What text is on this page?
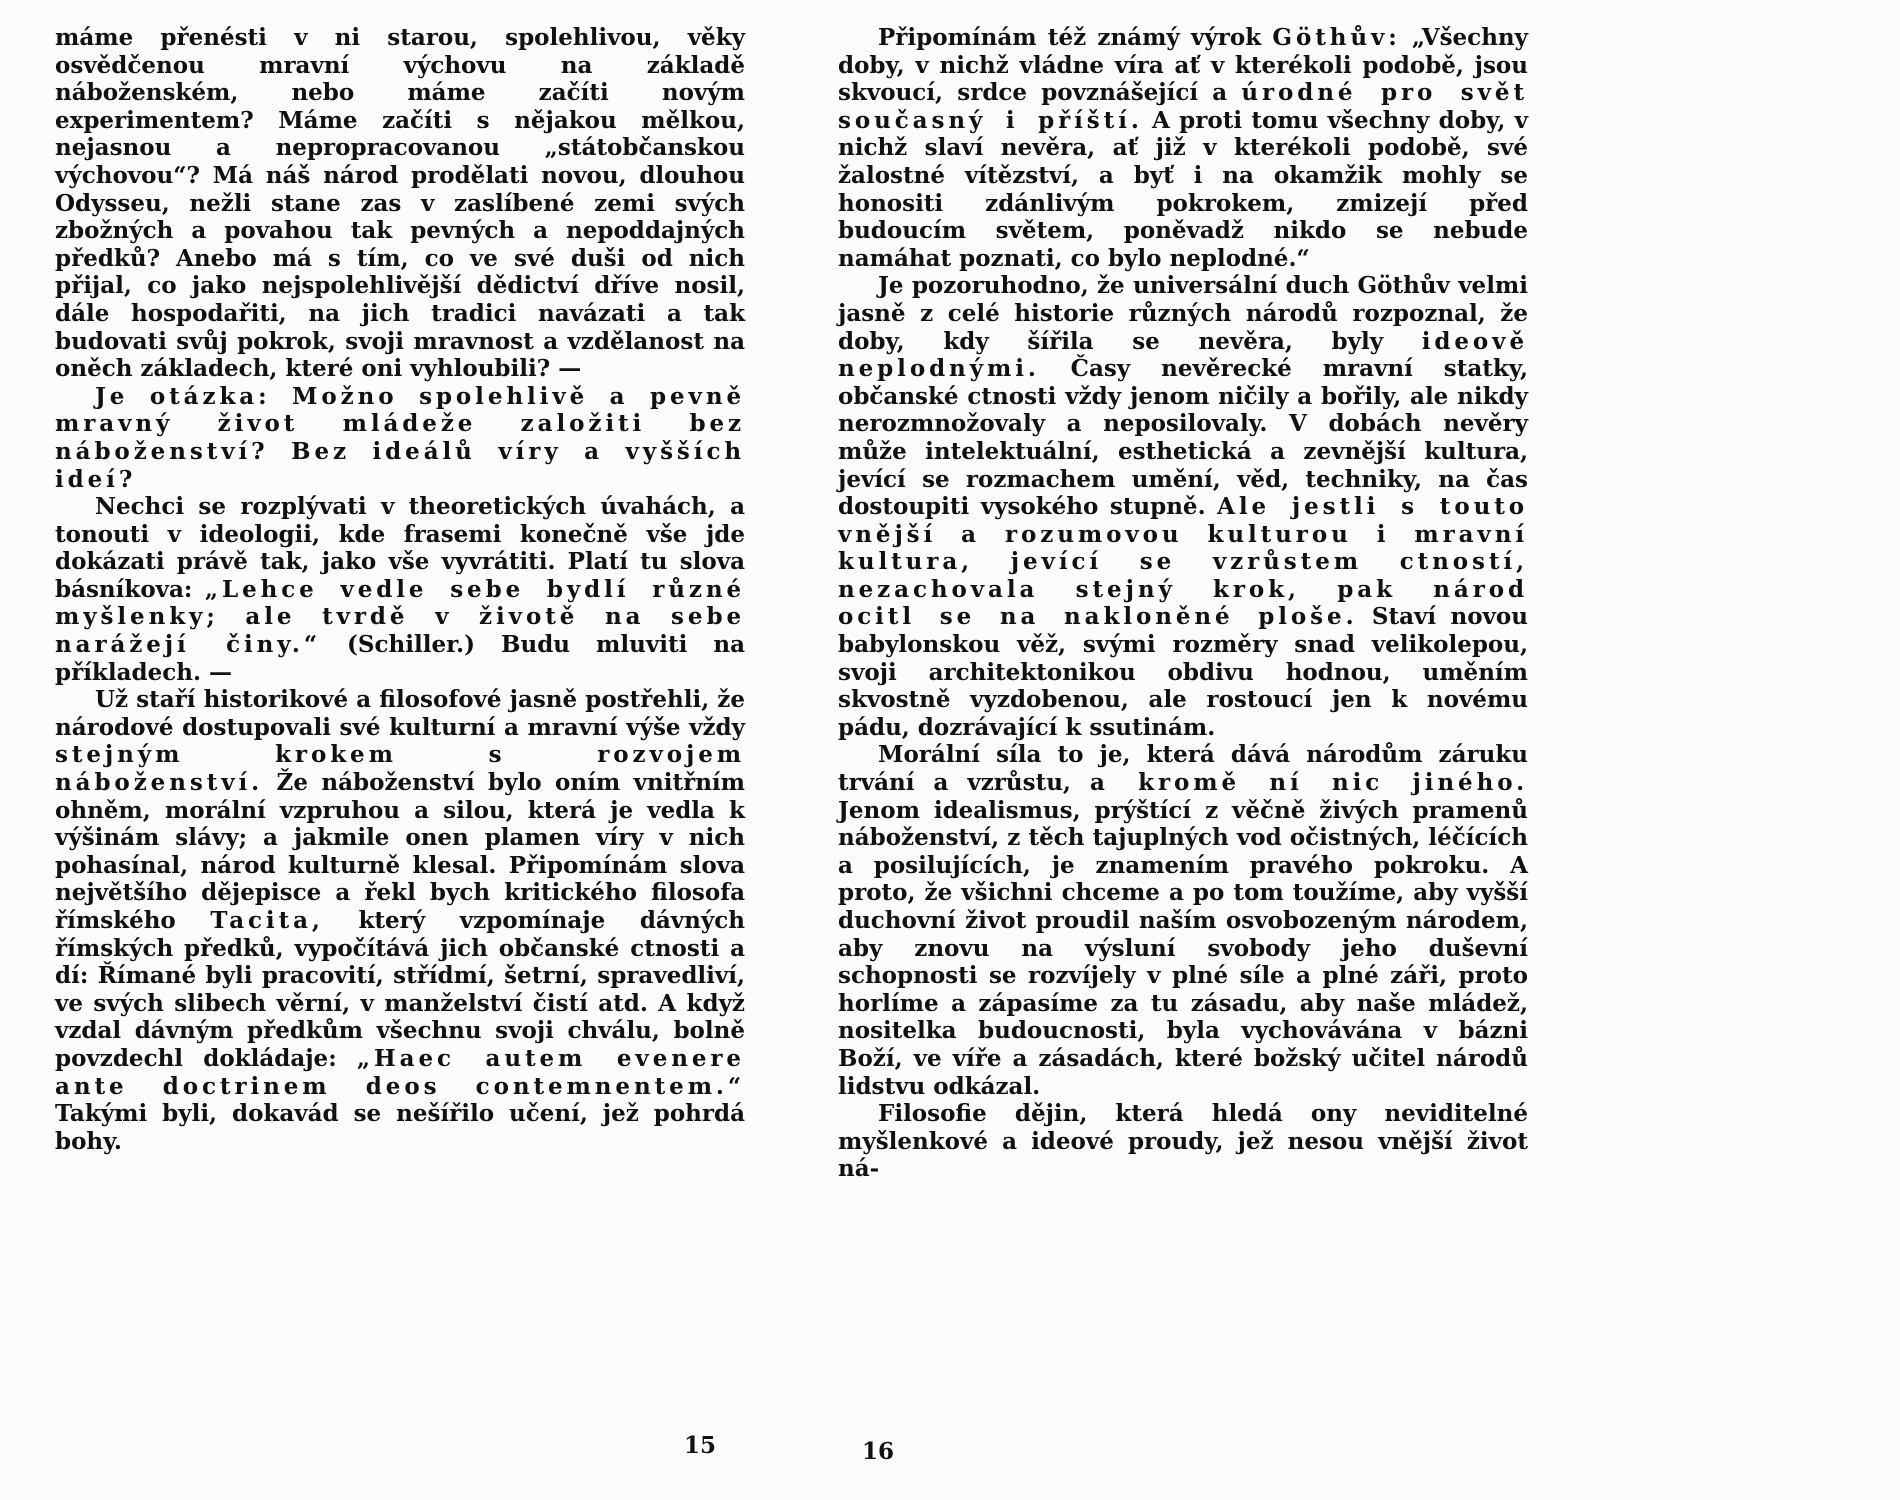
máme přenésti v ni starou, spolehlivou, věky osvědčenou mravní výchovu na základě náboženském, nebo máme začíti novým experimentem? Máme začíti s nějakou mělkou, nejasnou a nepropracovanou „státobčanskou výchovou“? Má náš národ prodělati novou, dlouhou Odysseu, nežli stane zas v zaslíbené zemi svých zbožných a povahou tak pevných a nepoddajných předků? Anebo má s tím, co ve své duši od nich přijal, co jako nejspolehlivější dědictví dříve nosil, dále hospodařiti, na jich tradici navázati a tak budovati svůj pokrok, svoji mravnost a vzdělanost na oněch základech, které oni vyhloubili? —

Je otázka: Možno spolehlivě a pevně mravný život mládeže založiti bez náboženství? Bez ideálů víry a vyšších ideí?

Nechci se rozplývati v theoretických úvahách, a tonouti v ideologii, kde frasemi konečně vše jde dokázati právě tak, jako vše vyvrátiti. Platí tu slova básníkova: „Lehce vedle sebe bydlí různé myšlenky; ale tvrdě v životě na sebe narážejí činy.“ (Schiller.) Budu mluviti na příkladech. —

Už staří historikové a filosofové jasně postřehli, že národové dostupovali své kulturní a mravní výše vždy stejným krokem s rozvojem náboženství. Že náboženství bylo oním vnitřním ohněm, morální vzpruhou a silou, která je vedla k výšinám slávy; a jakmile onen plamen víry v nich pohasínal, národ kulturně klesal. Připomínám slova největšího dějepisce a řekl bych kritického filosofa římského Tacita, který vzpomínaje dávných římských předků, vypočítává jich občanské ctnosti a dí: Římané byli pracovití, střídmí, šetrní, spravedliví, ve svých slibech věrní, v manželství čistí atd. A když vzdal dávným předkům všechnu svoji chválu, bolně povzdechl dokládaje: „Haec autem evenere ante doctrinem deos contemnentem.“ Takými byli, dokavád se nešířilo učení, jež pohrdá bohy.

Připomínám též známý výrok Göthův: „Všechny doby, v nichž vládne víra ať v kterékoli podobě, jsou skvoucí, srdce povznášející a úrodné pro svět současný i příští. A proti tomu všechny doby, v nichž slaví nevěra, ať již v kterékoli podobě, své žalostné vítězství, a byť i na okamžik mohly se honositi zdánlivým pokrokem, zmizejí před budoucím světem, poněvadž nikdo se nebude namáhat poznati, co bylo neplodné.“

Je pozoruhodno, že universální duch Göthův velmi jasně z celé historie různých národů rozpoznal, že doby, kdy šířila se nevěra, byly ideově neplodnými. Časy nevěrecké mravní statky, občanské ctnosti vždy jenom ničily a bořily, ale nikdy nerozmnožovaly a neposilovaly. V dobách nevěry může intelektuální, esthetická a zevnější kultura, jevící se rozmachem umění, věd, techniky, na čas dostoupiti vysokého stupně. Ale jestli s touto vnější a rozumovou kulturou i mravní kultura, jevící se vzrůstem ctností, nezachovala stejný krok, pak národ ocitl se na nakloněné ploše. Staví novou babylonskou věž, svými rozměry snad velikolepou, svoji architektonikou obdivu hodnou, uměním skvostně vyzdobenou, ale rostoucí jen k novému pádu, dozrávající k ssutinám.

Morální síla to je, která dává národům záruku trvání a vzrůstu, a kromě ní nic jiného. Jenom idealismus, prýštící z věčně živých pramenů náboženství, z těch tajuplných vod očistných, léčících a posilujících, je znamením pravého pokroku. A proto, že všichni chceme a po tom toužíme, aby vyšší duchovní život proudil naším osvobozeným národem, aby znovu na výsluní svobody jeho duševní schopnosti se rozvíjely v plné síle a plné záři, proto horlíme a zápasíme za tu zásadu, aby naše mládež, nositelka budoucnosti, byla vychovávána v bázni Boží, ve víře a zásadách, které božský učitel národů lidstvu odkázal.

Filosofie dějin, která hledá ony neviditelné myšlenkové a ideové proudy, jež nesou vnější život ná-

15	16
